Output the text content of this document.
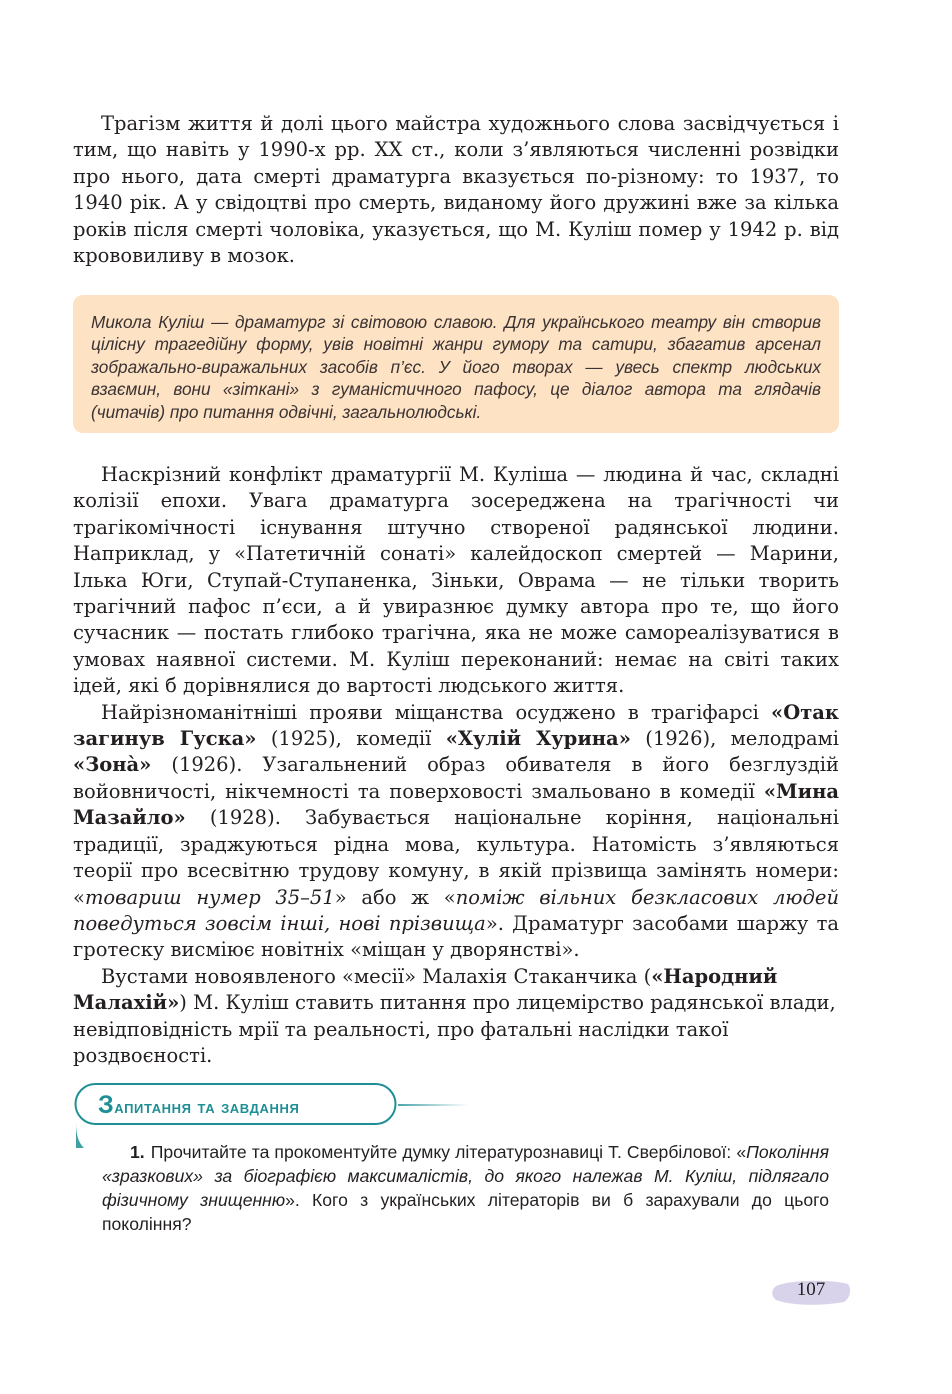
Трагізм життя й долі цього майстра художнього слова засвідчується і тим, що навіть у 1990-х рр. XX ст., коли з’являються численні розвідки про нього, дата смерті драматурга вказується по-різному: то 1937, то 1940 рік. А у свідоцтві про смерть, виданому його дружині вже за кілька років після смерті чоловіка, указується, що М. Куліш помер у 1942 р. від крововиливу в мозок.

Микола Куліш — драматург зі світовою славою. Для українського театру він створив цілісну трагедійну форму, увів новітні жанри гумору та сатири, збагатив арсенал зображально-виражальних засобів п’єс. У його творах — увесь спектр людських взаємин, вони «зіткані» з гуманістичного пафосу, це діалог автора та глядачів (читачів) про питання одвічні, загальнолюдські.

Наскрізний конфлікт драматургії М. Куліша — людина й час, складні колізії епохи. Увага драматурга зосереджена на трагічності чи трагікомічності існування штучно створеної радянської людини. Наприклад, у «Патетичній сонаті» калейдоскоп смертей — Марини, Ілька Юги, Ступай-Ступаненка, Зіньки, Оврама — не тільки творить трагічний пафос п’єси, а й увиразнює думку автора про те, що його сучасник — постать глибоко трагічна, яка не може самореалізуватися в умовах наявної системи. М. Куліш переконаний: немає на світі таких ідей, які б дорівнялися до вартості людського життя.

Найрізноманітніші прояви міщанства осуджено в трагіфарсі «Отак загинув Гуска» (1925), комедії «Хулій Хурина» (1926), мелодрамі «Зонà» (1926). Узагальнений образ обивателя в його безглуздій войовничості, нікчемності та поверховості змальовано в комедії «Мина Мазайло» (1928). Забувається національне коріння, національні традиції, зраджуються рідна мова, культура. Натомість з’являються теорії про всесвітню трудову комуну, в якій прізвища замінять номери: «товариш нумер 35–51» або ж «поміж вільних безкласових людей поведуться зовсім інші, нові прізвища». Драматург засобами шаржу та гротеску висміює новітніх «міщан у дворянстві».

Вустами новоявленого «месії» Малахія Стаканчика («Народний Малахій») М. Куліш ставить питання про лицемірство радянської влади, невідповідність мрії та реальності, про фатальні наслідки такої роздвоєності.

Запитання та завдання
1. Прочитайте та прокоментуйте думку літературознавиці Т. Свербілової: «Покоління «зразкових» за біографією максималістів, до якого належав М. Куліш, підлягало фізичному знищенню». Кого з українських літераторів ви б зарахували до цього покоління?
107
